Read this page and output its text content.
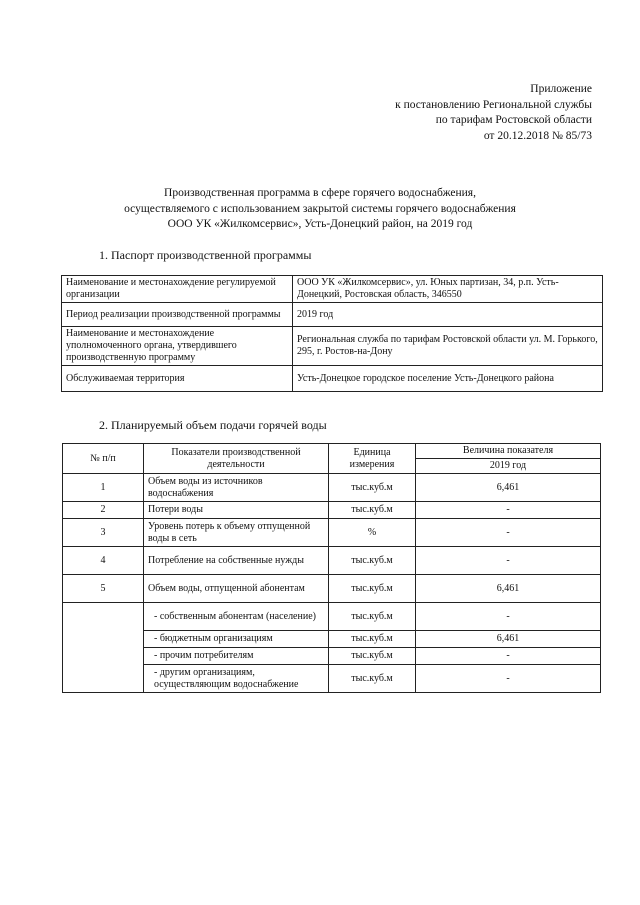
Приложение
к постановлению Региональной службы
по тарифам Ростовской области
от 20.12.2018 № 85/73
Производственная программа в сфере горячего водоснабжения,
осуществляемого с использованием закрытой системы горячего водоснабжения
ООО УК «Жилкомсервис», Усть-Донецкий район, на 2019 год
1. Паспорт производственной программы
Наименование и местонахождение регулируемой организации	ООО УК «Жилкомсервис», ул. Юных партизан, 34, р.п. Усть-Донецкий, Ростовская область, 346550
Период реализации производственной программы	2019 год
Наименование и местонахождение уполномоченного органа, утвердившего производственную программу	Региональная служба по тарифам Ростовской области ул. М. Горького, 295, г. Ростов-на-Дону
Обслуживаемая территория	Усть-Донецкое городское поселение Усть-Донецкого района
2. Планируемый объем подачи горячей воды
№ п/п	Показатели производственной деятельности	Единица измерения	Величина показателя
			2019 год
1	Объем воды из источников водоснабжения	тыс.куб.м	6,461
2	Потери воды	тыс.куб.м	-
3	Уровень потерь к объему отпущенной воды в сеть	%	-
4	Потребление на собственные нужды	тыс.куб.м	-
5	Объем воды, отпущенной абонентам	тыс.куб.м	6,461
	- собственным абонентам (население)	тыс.куб.м	-
	- бюджетным организациям	тыс.куб.м	6,461
	- прочим потребителям	тыс.куб.м	-
	- другим организациям, осуществляющим водоснабжение	тыс.куб.м	-
